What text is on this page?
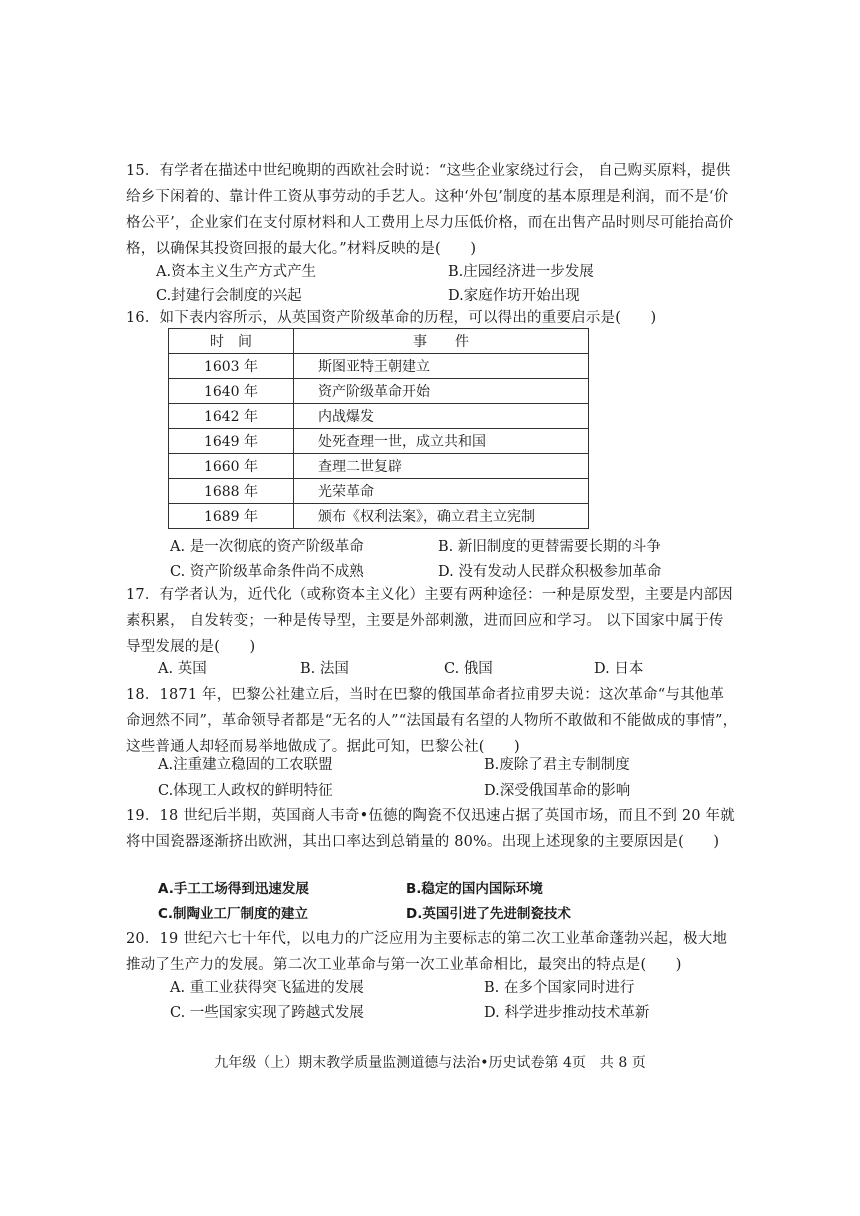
15．有学者在描述中世纪晚期的西欧社会时说：“这些企业家绕过行会， 自己购买原料，提供给乡下闲着的、靠计件工资从事劳动的手艺人。这种‘外包’制度的基本原理是利润，而不是‘价格公平’，企业家们在支付原材料和人工费用上尽力压低价格，而在出售产品时则尽可能抬高价格，以确保其投资回报的最大化。”材料反映的是(　　)
A.资本主义生产方式产生	B.庄园经济进一步发展
C.封建行会制度的兴起	D.家庭作坊开始出现
16．如下表内容所示，从英国资产阶级革命的历程，可以得出的重要启示是(　　)
时　间	事　　件
1603 年	斯图亚特王朝建立
1640 年	资产阶级革命开始
1642 年	内战爆发
1649 年	处死查理一世，成立共和国
1660 年	查理二世复辟
1688 年	光荣革命
1689 年	颁布《权利法案》，确立君主立宪制
A. 是一次彻底的资产阶级革命	B. 新旧制度的更替需要长期的斗争
C. 资产阶级革命条件尚不成熟	D. 没有发动人民群众积极参加革命
17．有学者认为，近代化（或称资本主义化）主要有两种途径：一种是原发型，主要是内部因素积累， 自发转变；一种是传导型，主要是外部刺激，进而回应和学习。 以下国家中属于传导型发展的是(　　)
A. 英国	B. 法国	C. 俄国	D. 日本
18．1871 年，巴黎公社建立后，当时在巴黎的俄国革命者拉甫罗夫说：这次革命“与其他革命迥然不同”，革命领导者都是“无名的人”“法国最有名望的人物所不敢做和不能做成的事情”，这些普通人却轻而易举地做成了。据此可知，巴黎公社(　　)
A.注重建立稳固的工农联盟	B.废除了君主专制制度
C.体现工人政权的鲜明特征	D.深受俄国革命的影响
19．18 世纪后半期，英国商人韦奇•伍德的陶瓷不仅迅速占据了英国市场，而且不到 20 年就将中国瓷器逐渐挤出欧洲，其出口率达到总销量的 80%。出现上述现象的主要原因是(　　)
A.手工工场得到迅速发展	B.稳定的国内国际环境
C.制陶业工厂制度的建立	D.英国引进了先进制瓷技术
20．19 世纪六七十年代，以电力的广泛应用为主要标志的第二次工业革命蓬勃兴起，极大地推动了生产力的发展。第二次工业革命与第一次工业革命相比，最突出的特点是(　　)
A. 重工业获得突飞猛进的发展	B. 在多个国家同时进行
C. 一些国家实现了跨越式发展	D. 科学进步推动技术革新
九年级（上）期末教学质量监测道德与法治•历史试卷第 4页　共 8 页
